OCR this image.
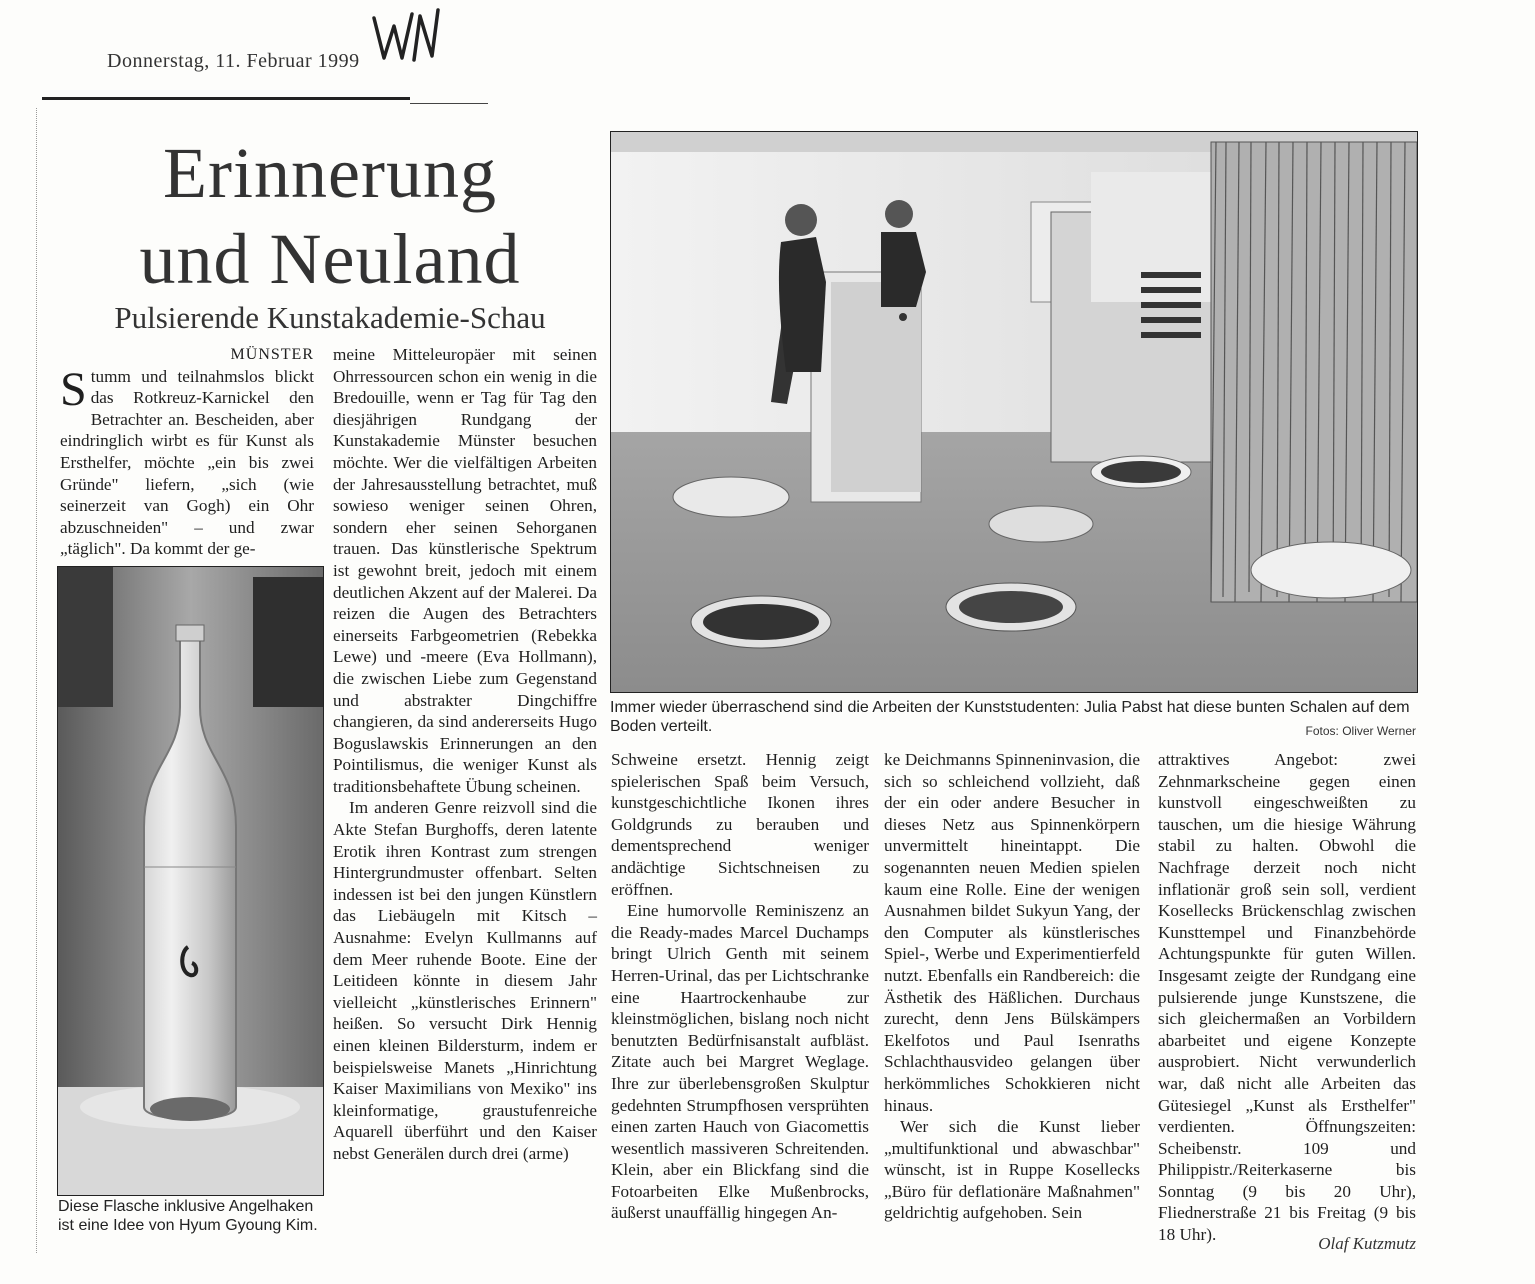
Donnerstag, 11. Februar 1999
Erinnerung
und Neuland
Pulsierende Kunstakademie-Schau
MÜNSTER

Stumm und teilnahmslos blickt das Rotkreuz-Karnickel den Betrachter an. Bescheiden, aber eindringlich wirbt es für Kunst als Ersthelfer, möchte „ein bis zwei Gründe" liefern, „sich (wie seinerzeit van Gogh) ein Ohr abzuschneiden" – und zwar „täglich". Da kommt der ge-

Diese Flasche inklusive Angelhaken ist eine Idee von Hyum Gyoung Kim.

meine Mitteleuropäer mit seinen Ohrressourcen schon ein wenig in die Bredouille, wenn er Tag für Tag den diesjährigen Rundgang der Kunstakademie Münster besuchen möchte. Wer die vielfältigen Arbeiten der Jahresausstellung betrachtet, muß sowieso weniger seinen Ohren, sondern eher seinen Sehorganen trauen. Das künstlerische Spektrum ist gewohnt breit, jedoch mit einem deutlichen Akzent auf der Malerei. Da reizen die Augen des Betrachters einerseits Farbgeometrien (Rebekka Lewe) und -meere (Eva Hollmann), die zwischen Liebe zum Gegenstand und abstrakter Dingchiffre changieren, da sind andererseits Hugo Boguslawskis Erinnerungen an den Pointilismus, die weniger Kunst als traditionsbehaftete Übung scheinen.

Im anderen Genre reizvoll sind die Akte Stefan Burghoffs, deren latente Erotik ihren Kontrast zum strengen Hintergrundmuster offenbart. Selten indessen ist bei den jungen Künstlern das Liebäugeln mit Kitsch – Ausnahme: Evelyn Kullmanns auf dem Meer ruhende Boote. Eine der Leitideen könnte in diesem Jahr vielleicht „künstlerisches Erinnern" heißen. So versucht Dirk Hennig einen kleinen Bildersturm, indem er beispielsweise Manets „Hinrichtung Kaiser Maximilians von Mexiko" ins kleinformatige, graustufenreiche Aquarell überführt und den Kaiser nebst Generälen durch drei (arme)

Immer wieder überraschend sind die Arbeiten der Kunststudenten: Julia Pabst hat diese bunten Schalen auf dem Boden verteilt.	Fotos: Oliver Werner

Schweine ersetzt. Hennig zeigt spielerischen Spaß beim Versuch, kunstgeschichtliche Ikonen ihres Goldgrunds zu berauben und dementsprechend weniger andächtige Sichtschneisen zu eröffnen.

Eine humorvolle Reminiszenz an die Ready-mades Marcel Duchamps bringt Ulrich Genth mit seinem Herren-Urinal, das per Lichtschranke eine Haartrockenhaube zur kleinstmöglichen, bislang noch nicht benutzten Bedürfnisanstalt aufbläst. Zitate auch bei Margret Weglage. Ihre zur überlebensgroßen Skulptur gedehnten Strumpfhosen versprühten einen zarten Hauch von Giacomettis wesentlich massiveren Schreitenden. Klein, aber ein Blickfang sind die Fotoarbeiten Elke Mußenbrocks, äußerst unauffällig hingegen An-

ke Deichmanns Spinneninvasion, die sich so schleichend vollzieht, daß der ein oder andere Besucher in dieses Netz aus Spinnenkörpern unvermittelt hineintappt. Die sogenannten neuen Medien spielen kaum eine Rolle. Eine der wenigen Ausnahmen bildet Sukyun Yang, der den Computer als künstlerisches Spiel-, Werbe und Experimentierfeld nutzt. Ebenfalls ein Randbereich: die Ästhetik des Häßlichen. Durchaus zurecht, denn Jens Bülskämpers Ekelfotos und Paul Isenraths Schlachthausvideo gelangen über herkömmliches Schokkieren nicht hinaus.

Wer sich die Kunst lieber „multifunktional und abwaschbar" wünscht, ist in Ruppe Kosellecks „Büro für deflationäre Maßnahmen" geldrichtig aufgehoben. Sein

attraktives Angebot: zwei Zehnmarkscheine gegen einen kunstvoll eingeschweißten zu tauschen, um die hiesige Währung stabil zu halten. Obwohl die Nachfrage derzeit noch nicht inflationär groß sein soll, verdient Kosellecks Brückenschlag zwischen Kunsttempel und Finanzbehörde Achtungspunkte für guten Willen. Insgesamt zeigte der Rundgang eine pulsierende junge Kunstszene, die sich gleichermaßen an Vorbildern abarbeitet und eigene Konzepte ausprobiert. Nicht verwunderlich war, daß nicht alle Arbeiten das Gütesiegel „Kunst als Ersthelfer" verdienten. Öffnungszeiten: Scheibenstr. 109 und Philippistr./Reiterkaserne bis Sonntag (9 bis 20 Uhr), Fliednerstraße 21 bis Freitag (9 bis 18 Uhr).	Olaf Kutzmutz
